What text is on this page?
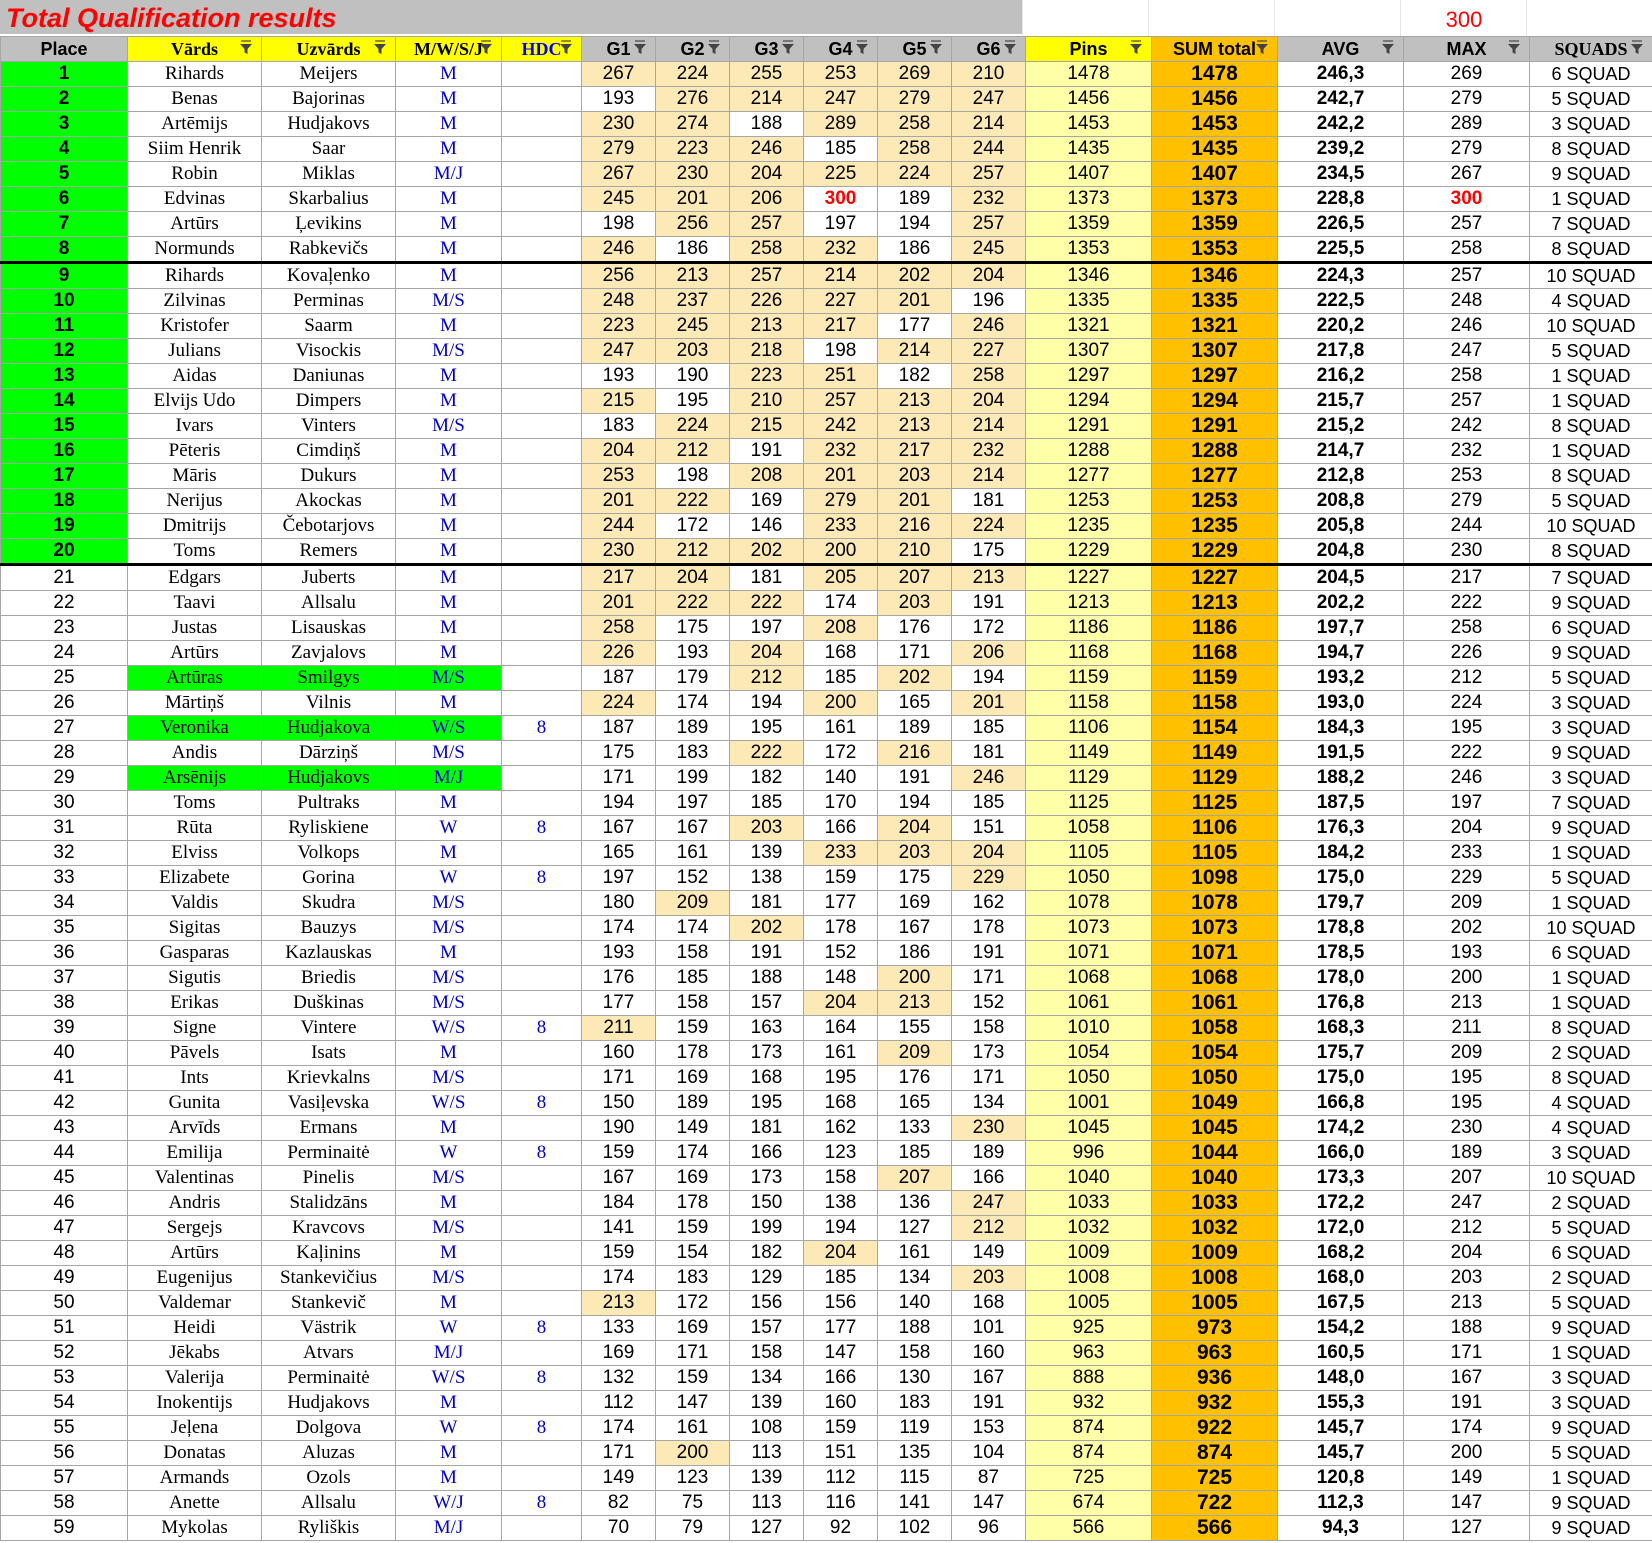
Total Qualification results	300
Place	Vārds	Uzvārds	M/W/S/J	HDC	G1	G2	G3	G4	G5	G6	Pins	SUM total	AVG	MAX	SQUADS

1	Rihards	Meijers	M		267	224	255	253	269	210	1478	1478	246,3	269	6 SQUAD
2	Benas	Bajorinas	M		193	276	214	247	279	247	1456	1456	242,7	279	5 SQUAD
3	Artēmijs	Hudjakovs	M		230	274	188	289	258	214	1453	1453	242,2	289	3 SQUAD
4	Siim Henrik	Saar	M		279	223	246	185	258	244	1435	1435	239,2	279	8 SQUAD
5	Robin	Miklas	M/J		267	230	204	225	224	257	1407	1407	234,5	267	9 SQUAD
6	Edvinas	Skarbalius	M		245	201	206	300	189	232	1373	1373	228,8	300	1 SQUAD
7	Artūrs	Ļevikins	M		198	256	257	197	194	257	1359	1359	226,5	257	7 SQUAD
8	Normunds	Rabkevičs	M		246	186	258	232	186	245	1353	1353	225,5	258	8 SQUAD
9	Rihards	Kovaļenko	M		256	213	257	214	202	204	1346	1346	224,3	257	10 SQUAD
10	Zilvinas	Perminas	M/S		248	237	226	227	201	196	1335	1335	222,5	248	4 SQUAD
11	Kristofer	Saarm	M		223	245	213	217	177	246	1321	1321	220,2	246	10 SQUAD
12	Julians	Visockis	M/S		247	203	218	198	214	227	1307	1307	217,8	247	5 SQUAD
13	Aidas	Daniunas	M		193	190	223	251	182	258	1297	1297	216,2	258	1 SQUAD
14	Elvijs Udo	Dimpers	M		215	195	210	257	213	204	1294	1294	215,7	257	1 SQUAD
15	Ivars	Vinters	M/S		183	224	215	242	213	214	1291	1291	215,2	242	8 SQUAD
16	Pēteris	Cimdiņš	M		204	212	191	232	217	232	1288	1288	214,7	232	1 SQUAD
17	Māris	Dukurs	M		253	198	208	201	203	214	1277	1277	212,8	253	8 SQUAD
18	Nerijus	Akockas	M		201	222	169	279	201	181	1253	1253	208,8	279	5 SQUAD
19	Dmitrijs	Čebotarjovs	M		244	172	146	233	216	224	1235	1235	205,8	244	10 SQUAD
20	Toms	Remers	M		230	212	202	200	210	175	1229	1229	204,8	230	8 SQUAD
21	Edgars	Juberts	M		217	204	181	205	207	213	1227	1227	204,5	217	7 SQUAD
22	Taavi	Allsalu	M		201	222	222	174	203	191	1213	1213	202,2	222	9 SQUAD
23	Justas	Lisauskas	M		258	175	197	208	176	172	1186	1186	197,7	258	6 SQUAD
24	Artūrs	Zavjalovs	M		226	193	204	168	171	206	1168	1168	194,7	226	9 SQUAD
25	Artūras	Smilgys	M/S		187	179	212	185	202	194	1159	1159	193,2	212	5 SQUAD
26	Mārtiņš	Vilnis	M		224	174	194	200	165	201	1158	1158	193,0	224	3 SQUAD
27	Veronika	Hudjakova	W/S	8	187	189	195	161	189	185	1106	1154	184,3	195	3 SQUAD
28	Andis	Dārziņš	M/S		175	183	222	172	216	181	1149	1149	191,5	222	9 SQUAD
29	Arsēnijs	Hudjakovs	M/J		171	199	182	140	191	246	1129	1129	188,2	246	3 SQUAD
30	Toms	Pultraks	M		194	197	185	170	194	185	1125	1125	187,5	197	7 SQUAD
31	Rūta	Ryliskiene	W	8	167	167	203	166	204	151	1058	1106	176,3	204	9 SQUAD
32	Elviss	Volkops	M		165	161	139	233	203	204	1105	1105	184,2	233	1 SQUAD
33	Elizabete	Gorina	W	8	197	152	138	159	175	229	1050	1098	175,0	229	5 SQUAD
34	Valdis	Skudra	M/S		180	209	181	177	169	162	1078	1078	179,7	209	1 SQUAD
35	Sigitas	Bauzys	M/S		174	174	202	178	167	178	1073	1073	178,8	202	10 SQUAD
36	Gasparas	Kazlauskas	M		193	158	191	152	186	191	1071	1071	178,5	193	6 SQUAD
37	Sigutis	Briedis	M/S		176	185	188	148	200	171	1068	1068	178,0	200	1 SQUAD
38	Erikas	Duškinas	M/S		177	158	157	204	213	152	1061	1061	176,8	213	1 SQUAD
39	Signe	Vintere	W/S	8	211	159	163	164	155	158	1010	1058	168,3	211	8 SQUAD
40	Pāvels	Isats	M		160	178	173	161	209	173	1054	1054	175,7	209	2 SQUAD
41	Ints	Krievkalns	M/S		171	169	168	195	176	171	1050	1050	175,0	195	8 SQUAD
42	Gunita	Vasiļevska	W/S	8	150	189	195	168	165	134	1001	1049	166,8	195	4 SQUAD
43	Arvīds	Ermans	M		190	149	181	162	133	230	1045	1045	174,2	230	4 SQUAD
44	Emilija	Perminaitė	W	8	159	174	166	123	185	189	996	1044	166,0	189	3 SQUAD
45	Valentinas	Pinelis	M/S		167	169	173	158	207	166	1040	1040	173,3	207	10 SQUAD
46	Andris	Stalidzāns	M		184	178	150	138	136	247	1033	1033	172,2	247	2 SQUAD
47	Sergejs	Kravcovs	M/S		141	159	199	194	127	212	1032	1032	172,0	212	5 SQUAD
48	Artūrs	Kaļinins	M		159	154	182	204	161	149	1009	1009	168,2	204	6 SQUAD
49	Eugenijus	Stankevičius	M/S		174	183	129	185	134	203	1008	1008	168,0	203	2 SQUAD
50	Valdemar	Stankevič	M		213	172	156	156	140	168	1005	1005	167,5	213	5 SQUAD
51	Heidi	Västrik	W	8	133	169	157	177	188	101	925	973	154,2	188	9 SQUAD
52	Jēkabs	Atvars	M/J		169	171	158	147	158	160	963	963	160,5	171	1 SQUAD
53	Valerija	Perminaitė	W/S	8	132	159	134	166	130	167	888	936	148,0	167	3 SQUAD
54	Inokentijs	Hudjakovs	M		112	147	139	160	183	191	932	932	155,3	191	3 SQUAD
55	Jeļena	Dolgova	W	8	174	161	108	159	119	153	874	922	145,7	174	9 SQUAD
56	Donatas	Aluzas	M		171	200	113	151	135	104	874	874	145,7	200	5 SQUAD
57	Armands	Ozols	M		149	123	139	112	115	87	725	725	120,8	149	1 SQUAD
58	Anette	Allsalu	W/J	8	82	75	113	116	141	147	674	722	112,3	147	9 SQUAD
59	Mykolas	Ryliškis	M/J		70	79	127	92	102	96	566	566	94,3	127	9 SQUAD
